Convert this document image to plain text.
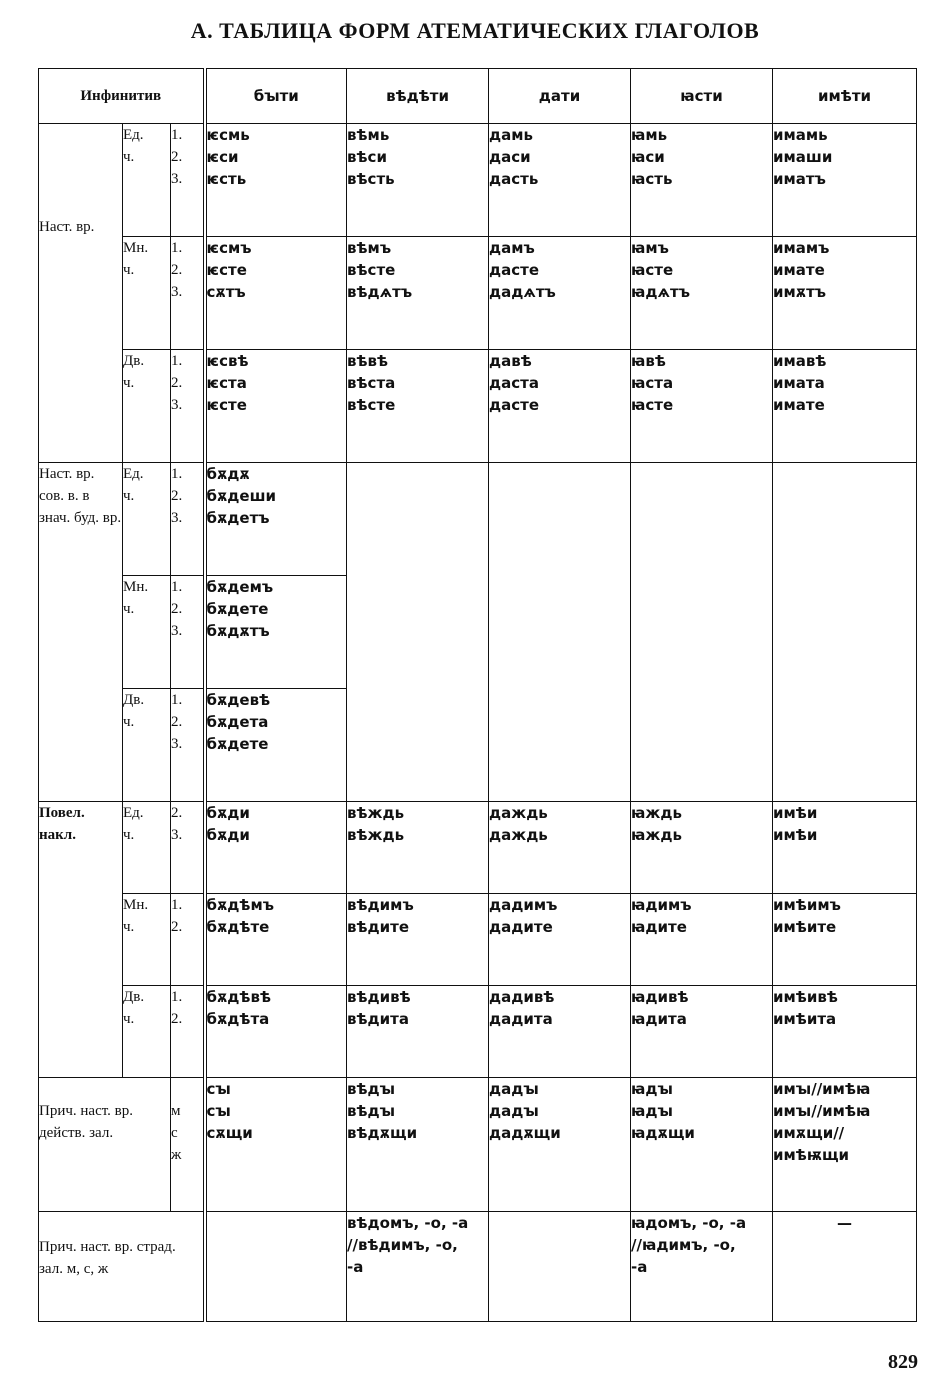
А. ТАБЛИЦА ФОРМ АТЕМАТИЧЕСКИХ ГЛАГОЛОВ
Инфинитив			бꙑти	вѣдѣти	дати	ꙗсти	имѣти
Наст. вр.	Ед.
ч.	1.
2.
3.	ѥсмь
ѥси
ѥсть	вѣмь
вѣси
вѣсть	дамь
даси
дасть	ꙗмь
ꙗси
ꙗсть	имамь
имаши
иматъ
	Мн.
ч.	1.
2.
3.	ѥсмъ
ѥсте
сѫтъ	вѣмъ
вѣсте
вѣдѧтъ	дамъ
дасте
дадѧтъ	ꙗмъ
ꙗсте
ꙗдѧтъ	имамъ
имате
имѫтъ
	Дв.
ч.	1.
2.
3.	ѥсвѣ
ѥста
ѥсте	вѣвѣ
вѣста
вѣсте	давѣ
даста
дасте	ꙗвѣ
ꙗста
ꙗсте	имавѣ
имата
имате
Наст. вр. сов. в. в знач. буд. вр.	Ед.
ч.	1.
2.
3.	бѫдѫ
бѫдеши
бѫдетъ				
	Мн.
ч.	1.
2.
3.	бѫдемъ
бѫдете
бѫдѫтъ				
	Дв.
ч.	1.
2.
3.	бѫдевѣ
бѫдета
бѫдете				
Повел. накл.	Ед.
ч.	2.
3.	бѫди
бѫди	вѣждь
вѣждь	даждь
даждь	ꙗждь
ꙗждь	имѣи
имѣи
	Мн.
ч.	1.
2.	бѫдѣмъ
бѫдѣте	вѣдимъ
вѣдите	дадимъ
дадите	ꙗдимъ
ꙗдите	имѣимъ
имѣите
	Дв.
ч.	1.
2.	бѫдѣвѣ
бѫдѣта	вѣдивѣ
вѣдита	дадивѣ
дадита	ꙗдивѣ
ꙗдита	имѣивѣ
имѣита
Прич. наст. вр. действ. зал.		м
с
ж	сꙑ
сꙑ
сѫщи	вѣдꙑ
вѣдꙑ
вѣдѫщи	дадꙑ
дадꙑ
дадѫщи	ꙗдꙑ
ꙗдꙑ
ꙗдѫщи	имꙑ//имѣꙗ
имꙑ//имѣꙗ
имѫщи//
имѣѭщи
Прич. наст. вр. страд. зал. м, с, ж				вѣдомъ, -о, -а
//вѣдимъ, -о,
-а		ꙗдомъ, -о, -а
//ꙗдимъ, -о,
-а	—
829
